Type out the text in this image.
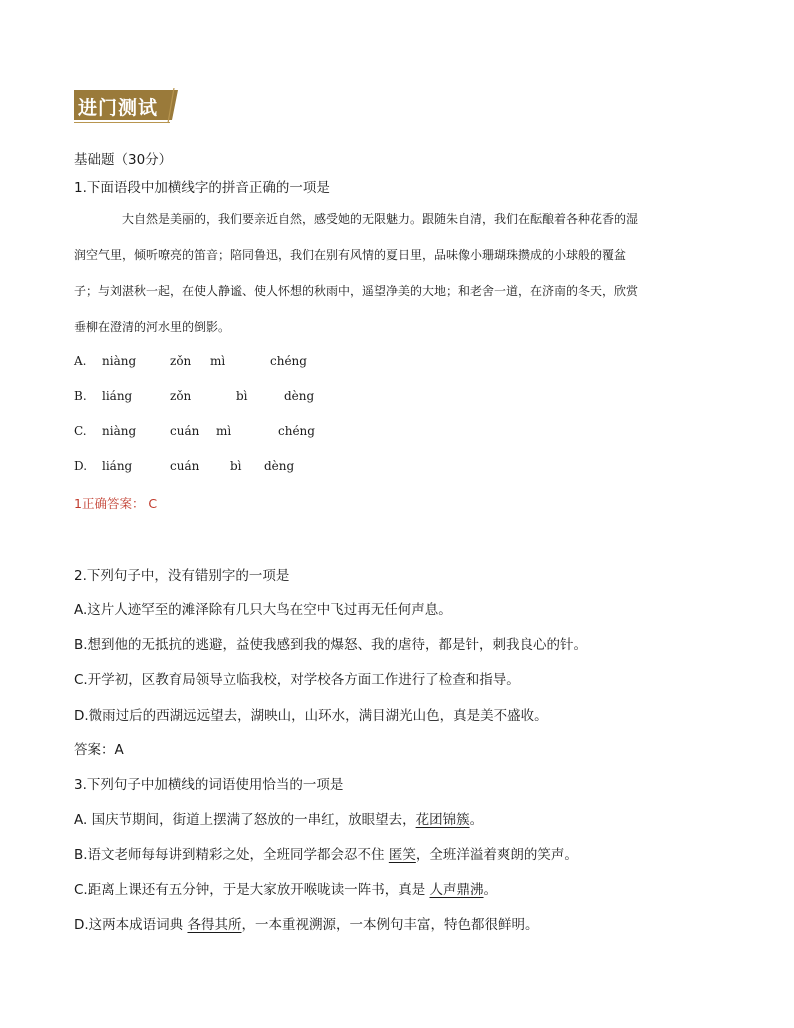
进门测试
基础题（30分）
1.下面语段中加横线字的拼音正确的一项是
大自然是美丽的，我们要亲近自然，感受她的无限魅力。跟随朱自清，我们在酝酿着各种花香的湿
润空气里，倾听嘹亮的笛音；陪同鲁迅，我们在别有风情的夏日里，品味像小珊瑚珠攒成的小球般的覆盆
子；与刘湛秋一起，在使人静谧、使人怀想的秋雨中，遥望净美的大地；和老舍一道，在济南的冬天，欣赏
垂柳在澄清的河水里的倒影。
A. niàng	zǒn mì	chéng
B. liáng	zǒn	bì	dèng
C. niàng	cuán mì	chéng
D. liáng	cuán	bì dèng
1正确答案： C
2.下列句子中，没有错别字的一项是
A.这片人迹罕至的滩泽除有几只大鸟在空中飞过再无任何声息。
B.想到他的无抵抗的逃避，益使我感到我的爆怒、我的虐待，都是针，刺我良心的针。
C.开学初，区教育局领导立临我校，对学校各方面工作进行了检查和指导。
D.微雨过后的西湖远远望去，湖映山，山环水，满目湖光山色，真是美不盛收。
答案：A
3.下列句子中加横线的词语使用恰当的一项是
A. 国庆节期间，街道上摆满了怒放的一串红，放眼望去，花团锦簇。
B.语文老师每每讲到精彩之处，全班同学都会忍不住 匿笑，全班洋溢着爽朗的笑声。
C.距离上课还有五分钟，于是大家放开喉咙读一阵书，真是 人声鼎沸。
D.这两本成语词典 各得其所，一本重视溯源，一本例句丰富，特色都很鲜明。
